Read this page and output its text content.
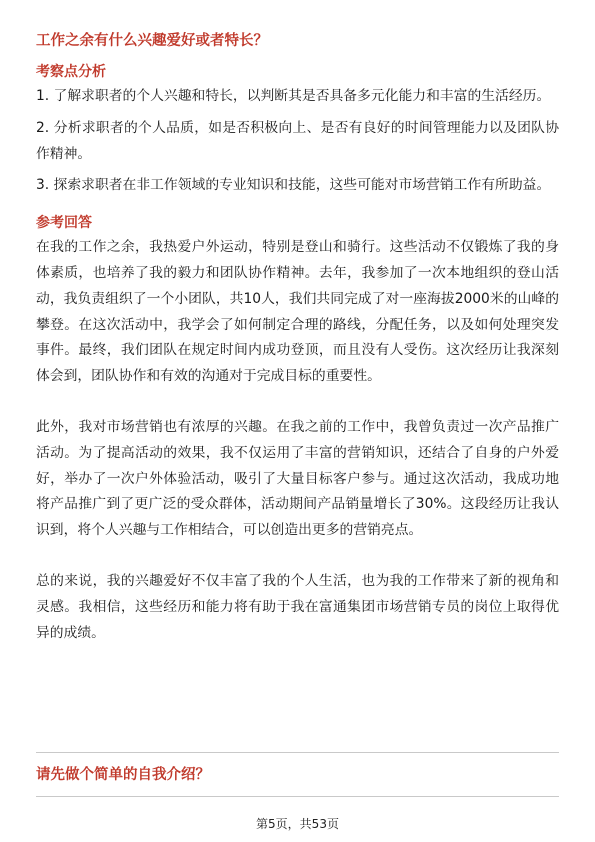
工作之余有什么兴趣爱好或者特长？
考察点分析

1. 了解求职者的个人兴趣和特长，以判断其是否具备多元化能力和丰富的生活经历。

2. 分析求职者的个人品质，如是否积极向上、是否有良好的时间管理能力以及团队协作精神。

3. 探索求职者在非工作领域的专业知识和技能，这些可能对市场营销工作有所助益。

参考回答

在我的工作之余，我热爱户外运动，特别是登山和骑行。这些活动不仅锻炼了我的身体素质，也培养了我的毅力和团队协作精神。去年，我参加了一次本地组织的登山活动，我负责组织了一个小团队，共10人，我们共同完成了对一座海拔2000米的山峰的攀登。在这次活动中，我学会了如何制定合理的路线，分配任务，以及如何处理突发事件。最终，我们团队在规定时间内成功登顶，而且没有人受伤。这次经历让我深刻体会到，团队协作和有效的沟通对于完成目标的重要性。

此外，我对市场营销也有浓厚的兴趣。在我之前的工作中，我曾负责过一次产品推广活动。为了提高活动的效果，我不仅运用了丰富的营销知识，还结合了自身的户外爱好，举办了一次户外体验活动，吸引了大量目标客户参与。通过这次活动，我成功地将产品推广到了更广泛的受众群体，活动期间产品销量增长了30%。这段经历让我认识到，将个人兴趣与工作相结合，可以创造出更多的营销亮点。

总的来说，我的兴趣爱好不仅丰富了我的个人生活，也为我的工作带来了新的视角和灵感。我相信，这些经历和能力将有助于我在富通集团市场营销专员的岗位上取得优异的成绩。

请先做个简单的自我介绍？
第5页，共53页
